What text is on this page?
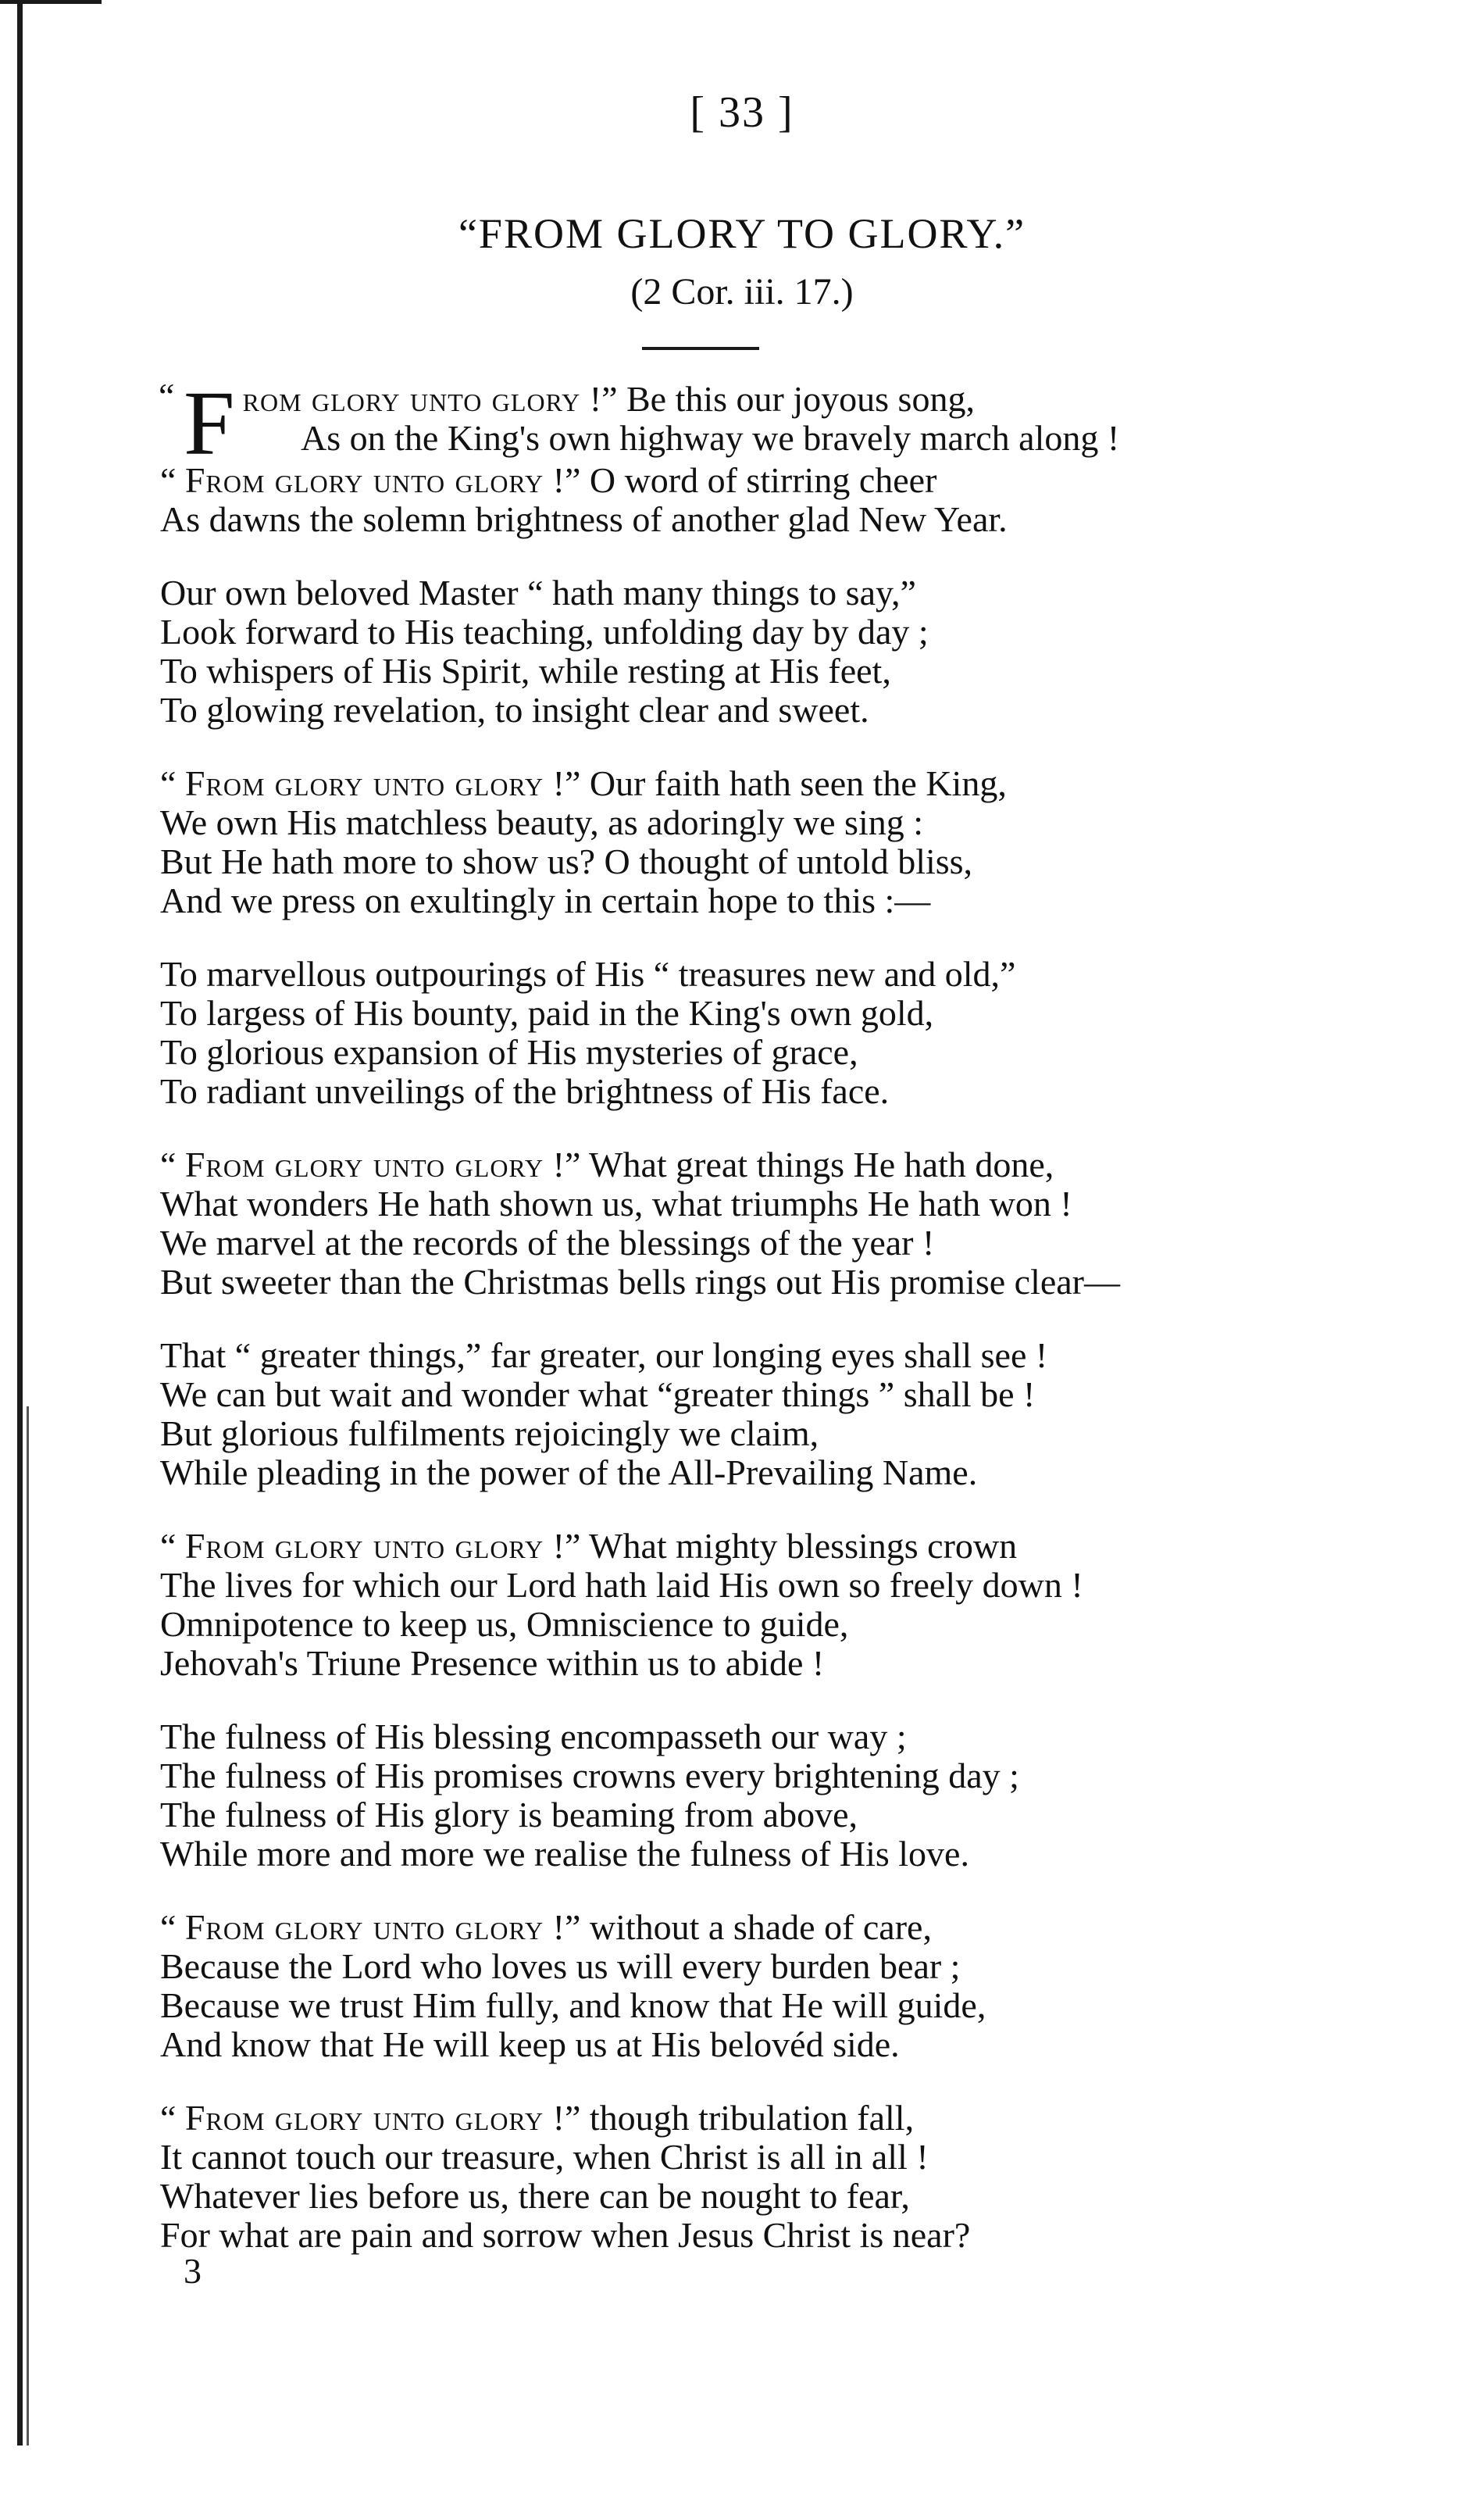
[ 33 ]
“FROM GLORY TO GLORY.”
(2 Cor. iii. 17.)
“ F rom glory unto glory !” Be this our joyous song,
As on the King's own highway we bravely march along !
“ From glory unto glory !” O word of stirring cheer
As dawns the solemn brightness of another glad New Year.
Our own beloved Master “ hath many things to say,”
Look forward to His teaching, unfolding day by day ;
To whispers of His Spirit, while resting at His feet,
To glowing revelation, to insight clear and sweet.
“ From glory unto glory !” Our faith hath seen the King,
We own His matchless beauty, as adoringly we sing :
But He hath more to show us? O thought of untold bliss,
And we press on exultingly in certain hope to this :—
To marvellous outpourings of His “ treasures new and old,”
To largess of His bounty, paid in the King's own gold,
To glorious expansion of His mysteries of grace,
To radiant unveilings of the brightness of His face.
“ From glory unto glory !” What great things He hath done,
What wonders He hath shown us, what triumphs He hath won !
We marvel at the records of the blessings of the year !
But sweeter than the Christmas bells rings out His promise clear—
That “ greater things,” far greater, our longing eyes shall see !
We can but wait and wonder what “greater things ” shall be !
But glorious fulfilments rejoicingly we claim,
While pleading in the power of the All-Prevailing Name.
“ From glory unto glory !” What mighty blessings crown
The lives for which our Lord hath laid His own so freely down !
Omnipotence to keep us, Omniscience to guide,
Jehovah's Triune Presence within us to abide !
The fulness of His blessing encompasseth our way ;
The fulness of His promises crowns every brightening day ;
The fulness of His glory is beaming from above,
While more and more we realise the fulness of His love.
“ From glory unto glory !” without a shade of care,
Because the Lord who loves us will every burden bear ;
Because we trust Him fully, and know that He will guide,
And know that He will keep us at His belovéd side.
“ From glory unto glory !” though tribulation fall,
It cannot touch our treasure, when Christ is all in all !
Whatever lies before us, there can be nought to fear,
For what are pain and sorrow when Jesus Christ is near?
3
